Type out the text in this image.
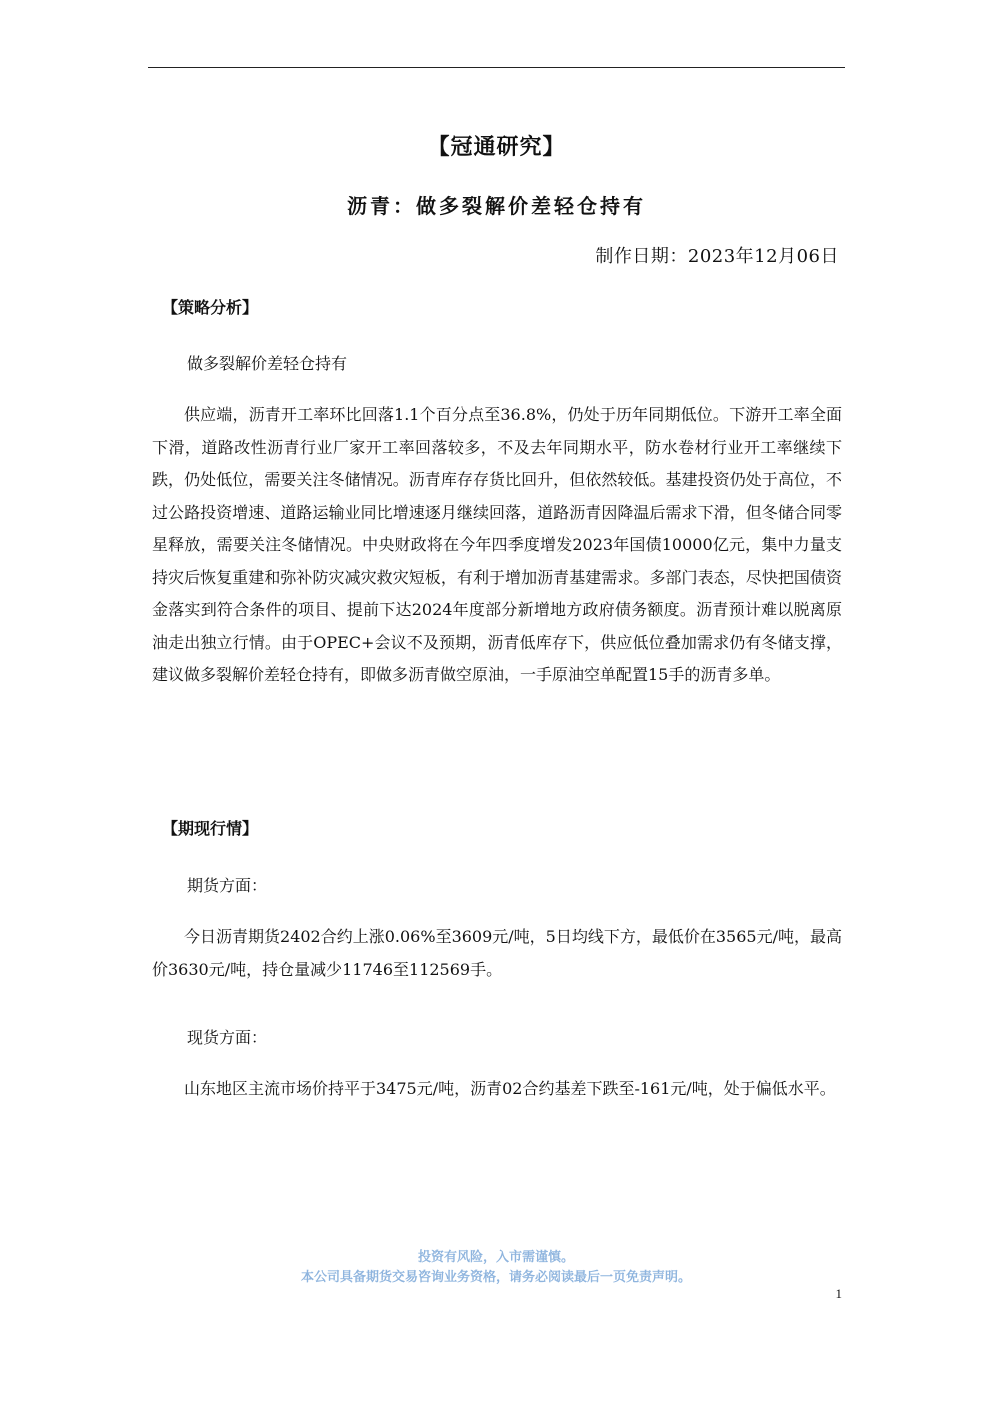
【冠通研究】
沥青：做多裂解价差轻仓持有
制作日期：2023年12月06日
【策略分析】
做多裂解价差轻仓持有

供应端，沥青开工率环比回落1.1个百分点至36.8%，仍处于历年同期低位。下游开工率全面下滑，道路改性沥青行业厂家开工率回落较多，不及去年同期水平，防水卷材行业开工率继续下跌，仍处低位，需要关注冬储情况。沥青库存存货比回升，但依然较低。基建投资仍处于高位，不过公路投资增速、道路运输业同比增速逐月继续回落，道路沥青因降温后需求下滑，但冬储合同零星释放，需要关注冬储情况。中央财政将在今年四季度增发2023年国债10000亿元，集中力量支持灾后恢复重建和弥补防灾减灾救灾短板，有利于增加沥青基建需求。多部门表态，尽快把国债资金落实到符合条件的项目、提前下达2024年度部分新增地方政府债务额度。沥青预计难以脱离原油走出独立行情。由于OPEC+会议不及预期，沥青低库存下，供应低位叠加需求仍有冬储支撑，建议做多裂解价差轻仓持有，即做多沥青做空原油，一手原油空单配置15手的沥青多单。

【期现行情】
期货方面：

今日沥青期货2402合约上涨0.06%至3609元/吨，5日均线下方，最低价在3565元/吨，最高价3630元/吨，持仓量减少11746至112569手。

现货方面：

山东地区主流市场价持平于3475元/吨，沥青02合约基差下跌至-161元/吨，处于偏低水平。

投资有风险，入市需谨慎。
本公司具备期货交易咨询业务资格，请务必阅读最后一页免责声明。
1
